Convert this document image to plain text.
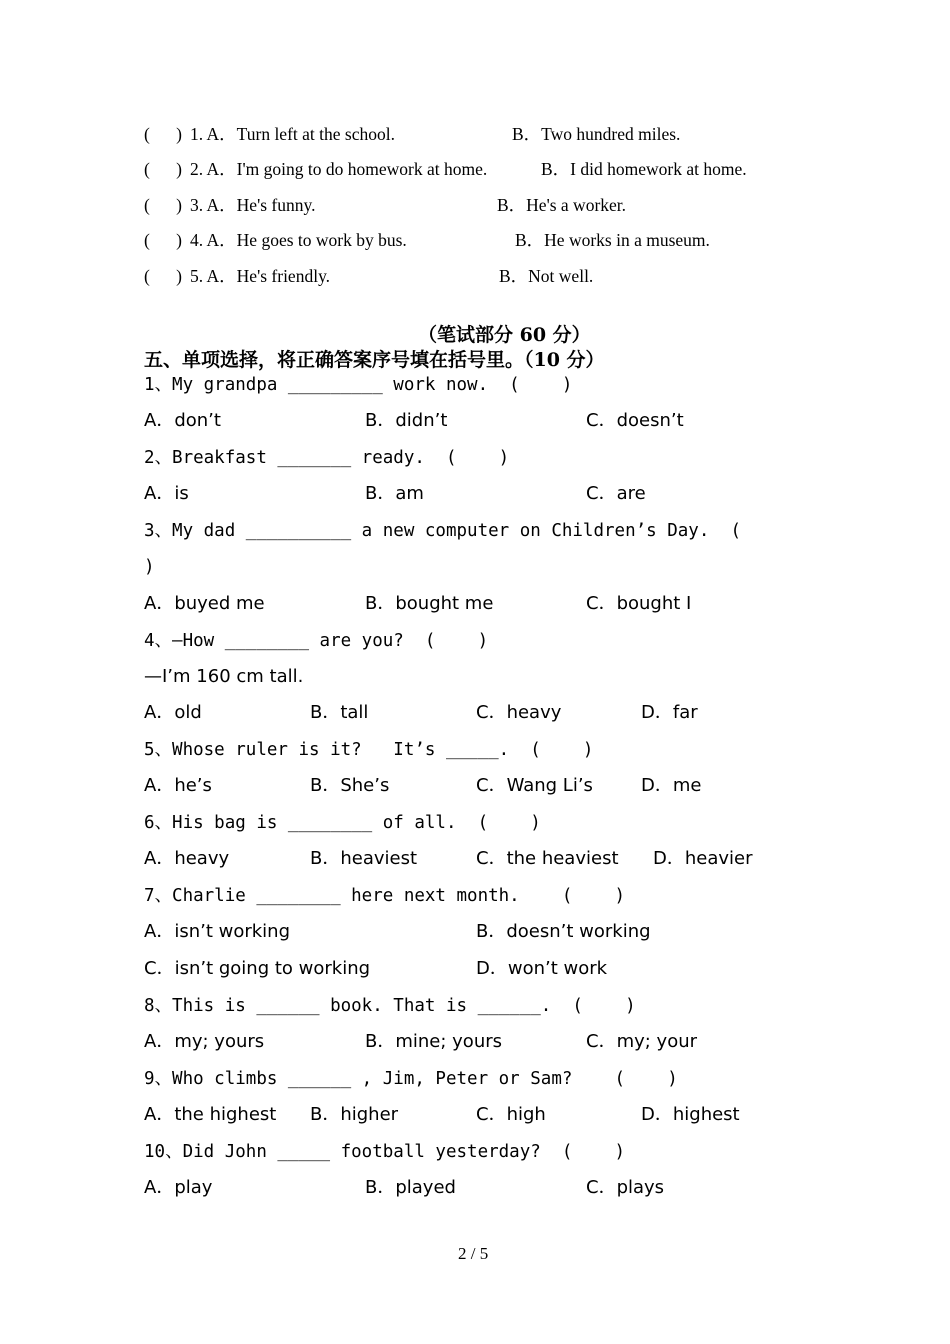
(      ) 1. A．Turn left at the school.	B．Two hundred miles.
(      ) 2. A．I'm going to do homework at home.	B．I did homework at home.
(      ) 3. A．He's funny.	B．He's a worker.
(      ) 4. A．He goes to work by bus.	B．He works in a museum.
(      ) 5. A．He's friendly.	B．Not well.
（笔试部分 60 分）
五、单项选择，将正确答案序号填在括号里。（10 分）
1、My grandpa _________ work now.  (    )
A．don’t	B．didn’t	C．doesn’t
2、Breakfast _______ ready.  (    )
A．is	B．am	C．are
3、My dad __________ a new computer on Children’s Day.  (
)
A．buyed me	B．bought me	C．bought I
4、—How ________ are you?  (    )
—I’m 160 cm tall.
A．old	B．tall	C．heavy	D．far
5、Whose ruler is it?   It’s _____.  (    )
A．he’s	B．She’s	C．Wang Li’s	D．me
6、His bag is ________ of all.  (    )
A．heavy	B．heaviest	C．the heaviest D．heavier
7、Charlie ________ here next month.    (    )
A．isn’t working	B．doesn’t working
C．isn’t going to working	D．won’t work
8、This is ______ book. That is ______.  (    )
A．my; yours	B．mine; yours	C．my; your
9、Who climbs ______ , Jim, Peter or Sam?    (    )
A．the highest B．higher	C．high	D．highest
10、Did John _____ football yesterday?  (    )
A．play	B．played	C．plays
2 / 5
